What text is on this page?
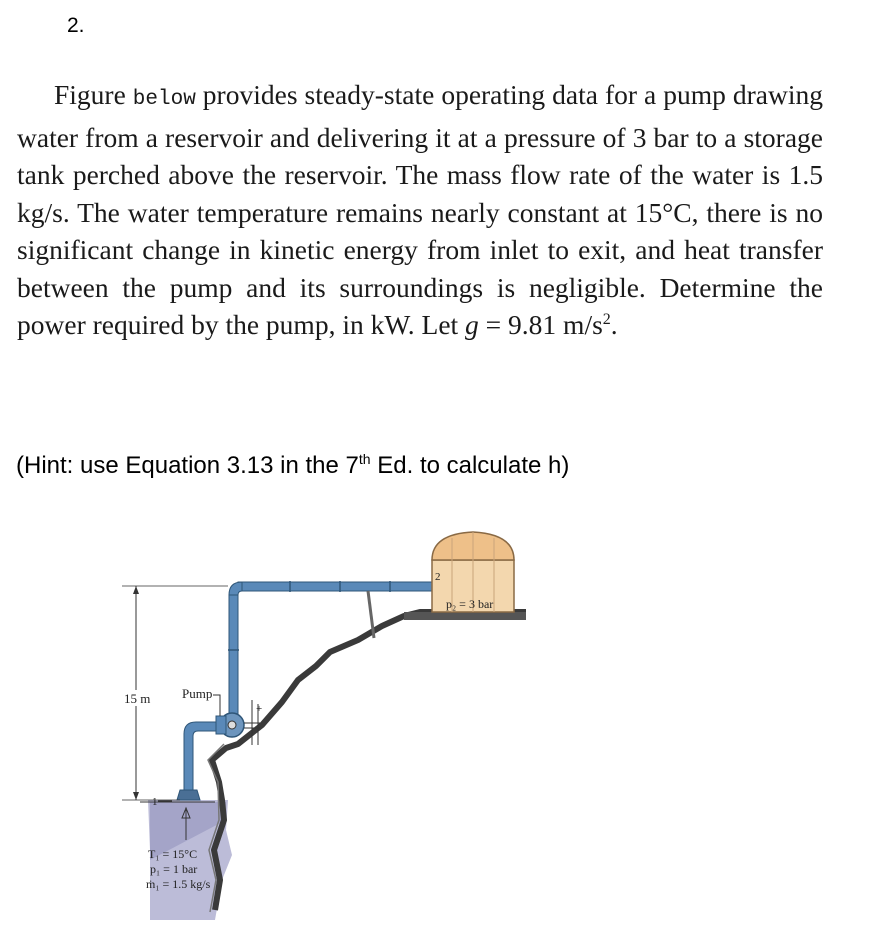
2.
Figure below provides steady-state operating data for a pump drawing water from a reservoir and delivering it at a pressure of 3 bar to a storage tank perched above the reservoir. The mass flow rate of the water is 1.5 kg/s. The water temperature remains nearly constant at 15°C, there is no significant change in kinetic energy from inlet to exit, and heat transfer between the pump and its surroundings is negligible. Determine the power required by the pump, in kW. Let g = 9.81 $m/s^2$.
(Hint: use Equation 3.13 in the 7th Ed. to calculate h)
+
p₂ = 3 bar
2
15 m Pump
1
T₁ = 15°C
p₁ = 1 bar
ṁ₁ = 1.5 kg/s
